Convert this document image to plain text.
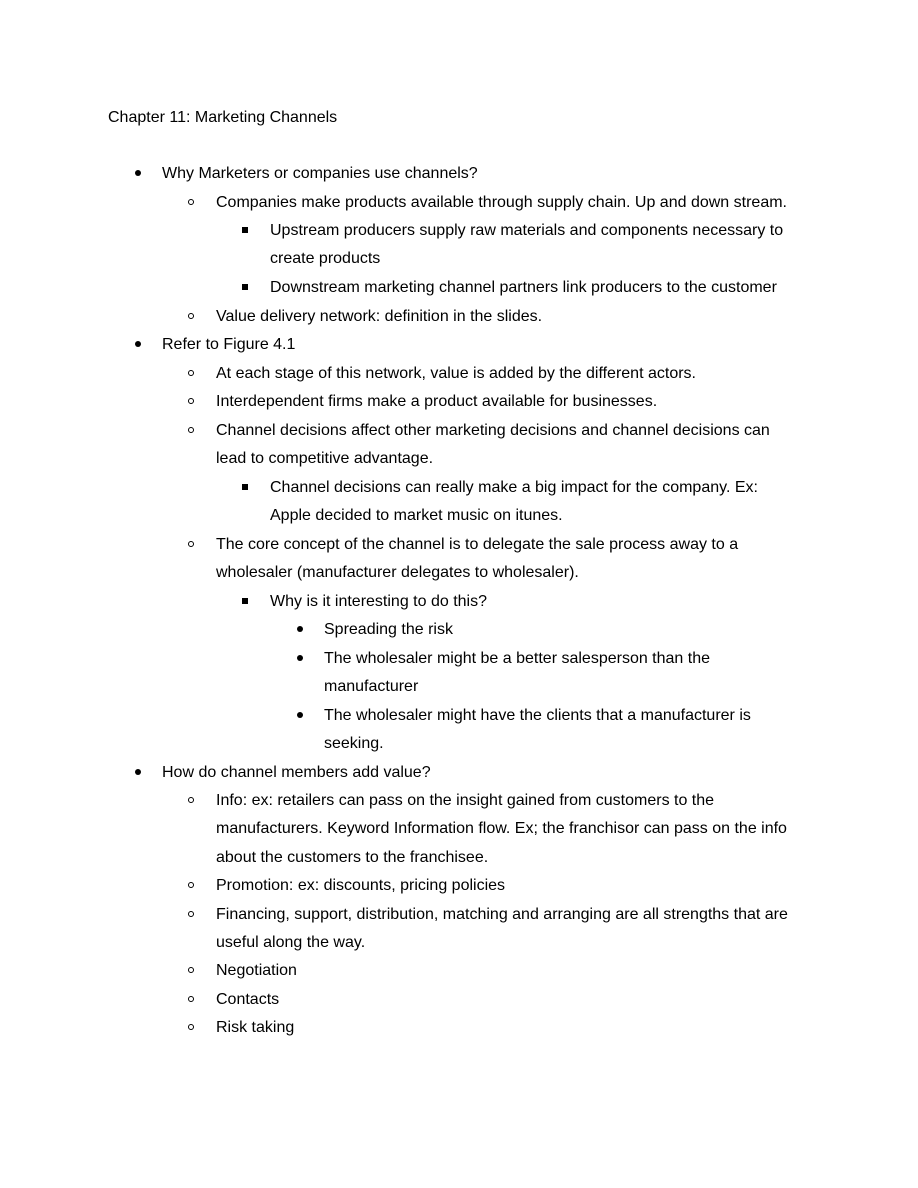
Chapter 11: Marketing Channels
Why Marketers or companies use channels?
Companies make products available through supply chain. Up and down stream.
Upstream producers supply raw materials and components necessary to create products
Downstream marketing channel partners link producers to the customer
Value delivery network: definition in the slides.
Refer to Figure 4.1
At each stage of this network, value is added by the different actors.
Interdependent firms make a product available for businesses.
Channel decisions affect other marketing decisions and channel decisions can lead to competitive advantage.
Channel decisions can really make a big impact for the company. Ex: Apple decided to market music on itunes.
The core concept of the channel is to delegate the sale process away to a wholesaler (manufacturer delegates to wholesaler).
Why is it interesting to do this?
Spreading the risk
The wholesaler might be a better salesperson than the manufacturer
The wholesaler might have the clients that a manufacturer is seeking.
How do channel members add value?
Info: ex: retailers can pass on the insight gained from customers to the manufacturers. Keyword Information flow. Ex; the franchisor can pass on the info about the customers to the franchisee.
Promotion: ex: discounts, pricing policies
Financing, support, distribution, matching and arranging are all strengths that are useful along the way.
Negotiation
Contacts
Risk taking
